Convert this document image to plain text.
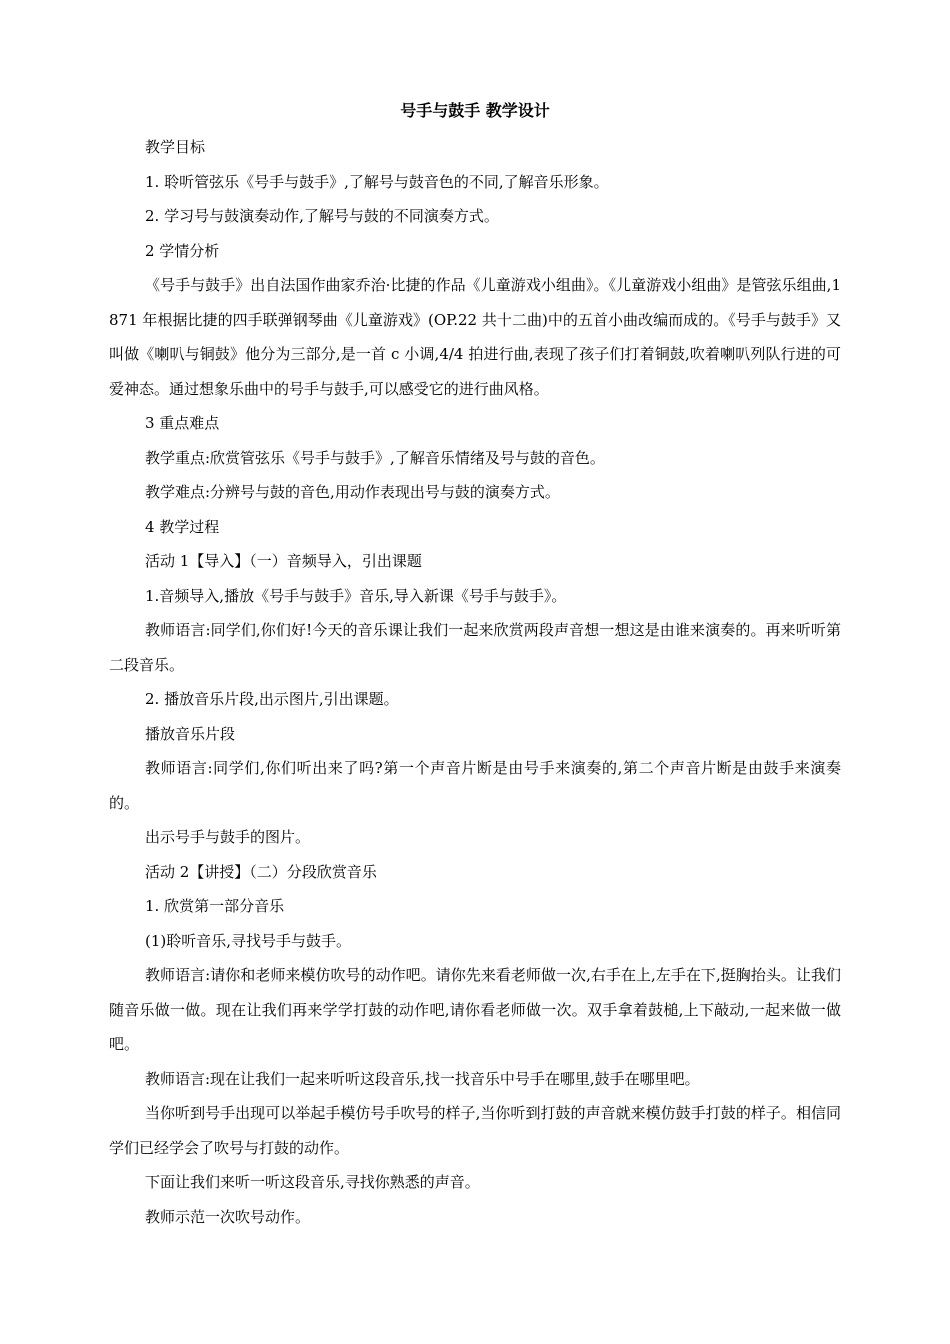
号手与鼓手 教学设计

教学目标

1. 聆听管弦乐《号手与鼓手》,了解号与鼓音色的不同,了解音乐形象。

2. 学习号与鼓演奏动作,了解号与鼓的不同演奏方式。

2 学情分析

《号手与鼓手》出自法国作曲家乔治·比捷的作品《儿童游戏小组曲》。《儿童游戏小组曲》是管弦乐组曲,1871 年根据比捷的四手联弹钢琴曲《儿童游戏》(OP.22 共十二曲)中的五首小曲改编而成的。《号手与鼓手》又叫做《喇叭与铜鼓》他分为三部分,是一首 c 小调,4/4 拍进行曲,表现了孩子们打着铜鼓,吹着喇叭列队行进的可爱神态。通过想象乐曲中的号手与鼓手,可以感受它的进行曲风格。

3 重点难点

教学重点:欣赏管弦乐《号手与鼓手》,了解音乐情绪及号与鼓的音色。

教学难点:分辨号与鼓的音色,用动作表现出号与鼓的演奏方式。

4 教学过程

活动 1【导入】（一）音频导入，引出课题

1.音频导入,播放《号手与鼓手》音乐,导入新课《号手与鼓手》。

教师语言:同学们,你们好!今天的音乐课让我们一起来欣赏两段声音想一想这是由谁来演奏的。再来听听第二段音乐。

2. 播放音乐片段,出示图片,引出课题。

播放音乐片段

教师语言:同学们,你们听出来了吗?第一个声音片断是由号手来演奏的,第二个声音片断是由鼓手来演奏的。

出示号手与鼓手的图片。

活动 2【讲授】（二）分段欣赏音乐

1. 欣赏第一部分音乐

(1)聆听音乐,寻找号手与鼓手。

教师语言:请你和老师来模仿吹号的动作吧。请你先来看老师做一次,右手在上,左手在下,挺胸抬头。让我们随音乐做一做。现在让我们再来学学打鼓的动作吧,请你看老师做一次。双手拿着鼓槌,上下敲动,一起来做一做吧。

教师语言:现在让我们一起来听听这段音乐,找一找音乐中号手在哪里,鼓手在哪里吧。

当你听到号手出现可以举起手模仿号手吹号的样子,当你听到打鼓的声音就来模仿鼓手打鼓的样子。相信同学们已经学会了吹号与打鼓的动作。

下面让我们来听一听这段音乐,寻找你熟悉的声音。

教师示范一次吹号动作。
